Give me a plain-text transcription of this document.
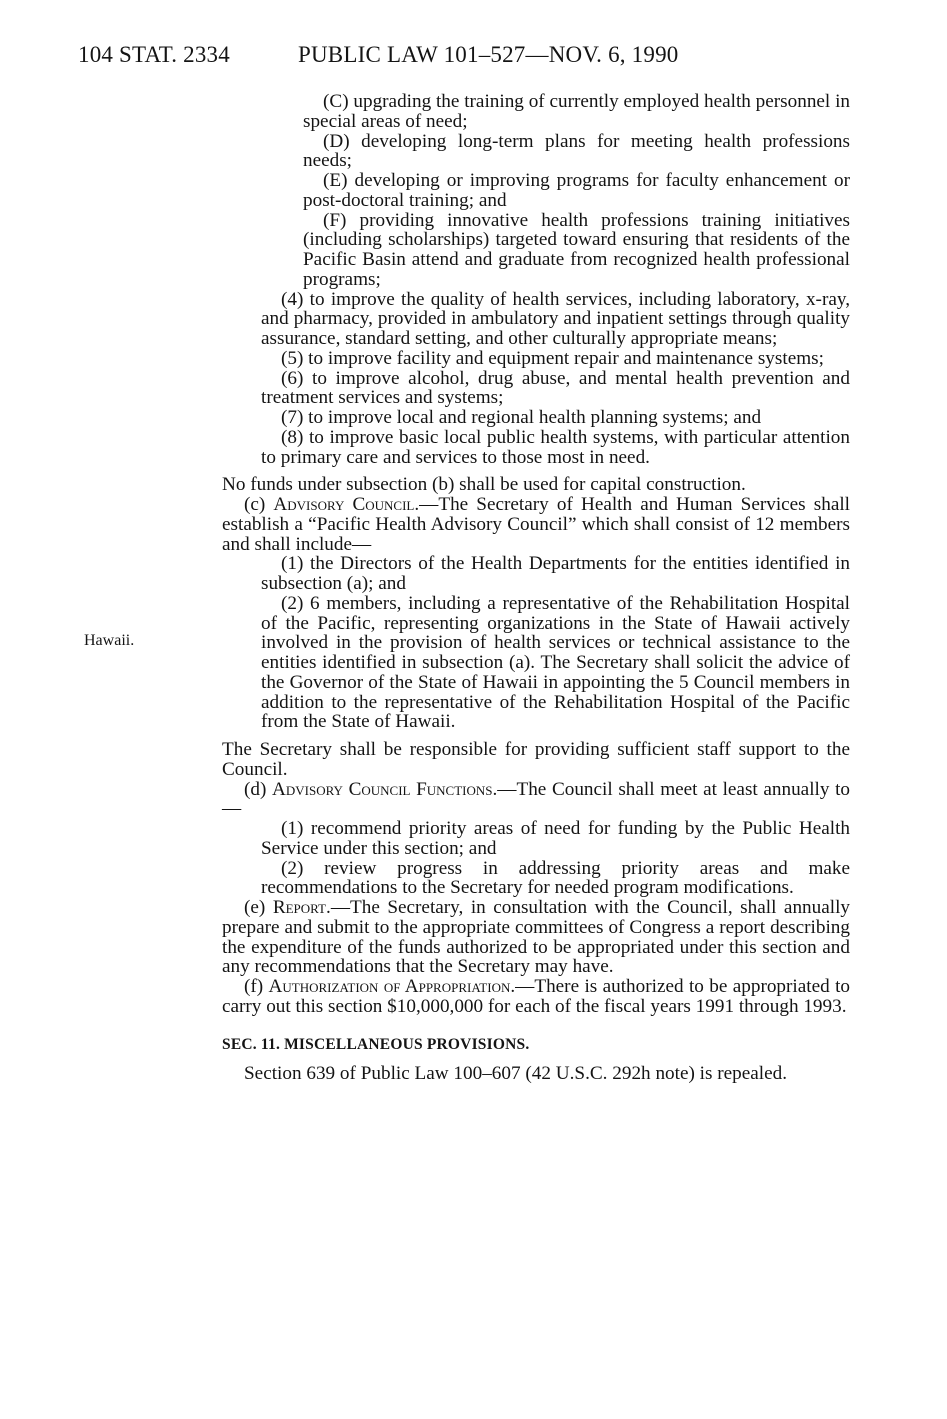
104 STAT. 2334	PUBLIC LAW 101–527—NOV. 6, 1990
Hawaii.

(C) upgrading the training of currently employed health personnel in special areas of need;

(D) developing long-term plans for meeting health professions needs;

(E) developing or improving programs for faculty enhancement or post-doctoral training; and

(F) providing innovative health professions training initiatives (including scholarships) targeted toward ensuring that residents of the Pacific Basin attend and graduate from recognized health professional programs;

(4) to improve the quality of health services, including laboratory, x-ray, and pharmacy, provided in ambulatory and inpatient settings through quality assurance, standard setting, and other culturally appropriate means;

(5) to improve facility and equipment repair and maintenance systems;

(6) to improve alcohol, drug abuse, and mental health prevention and treatment services and systems;

(7) to improve local and regional health planning systems; and

(8) to improve basic local public health systems, with particular attention to primary care and services to those most in need.

No funds under subsection (b) shall be used for capital construction.

(c) Advisory Council.—The Secretary of Health and Human Services shall establish a “Pacific Health Advisory Council” which shall consist of 12 members and shall include—

(1) the Directors of the Health Departments for the entities identified in subsection (a); and

(2) 6 members, including a representative of the Rehabilitation Hospital of the Pacific, representing organizations in the State of Hawaii actively involved in the provision of health services or technical assistance to the entities identified in subsection (a). The Secretary shall solicit the advice of the Governor of the State of Hawaii in appointing the 5 Council members in addition to the representative of the Rehabilitation Hospital of the Pacific from the State of Hawaii.

The Secretary shall be responsible for providing sufficient staff support to the Council.

(d) Advisory Council Functions.—The Council shall meet at least annually to—

(1) recommend priority areas of need for funding by the Public Health Service under this section; and

(2) review progress in addressing priority areas and make recommendations to the Secretary for needed program modifications.

(e) Report.—The Secretary, in consultation with the Council, shall annually prepare and submit to the appropriate committees of Congress a report describing the expenditure of the funds authorized to be appropriated under this section and any recommendations that the Secretary may have.

(f) Authorization of Appropriation.—There is authorized to be appropriated to carry out this section $10,000,000 for each of the fiscal years 1991 through 1993.

SEC. 11. MISCELLANEOUS PROVISIONS.

Section 639 of Public Law 100–607 (42 U.S.C. 292h note) is repealed.
